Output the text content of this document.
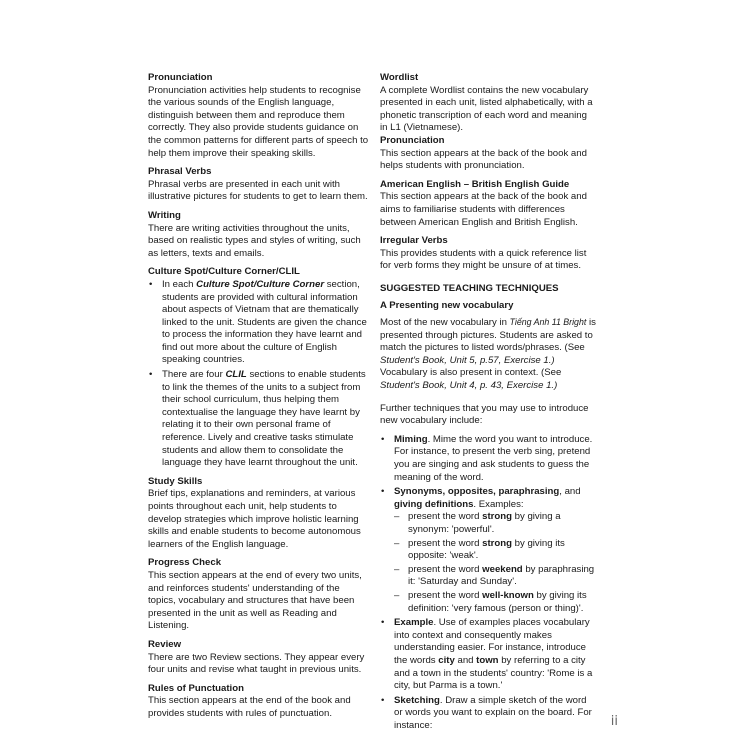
Pronunciation

Pronunciation activities help students to recognise the various sounds of the English language, distinguish between them and reproduce them correctly. They also provide students guidance on the common patterns for different parts of speech to help them improve their speaking skills.

Phrasal Verbs

Phrasal verbs are presented in each unit with illustrative pictures for students to get to learn them.

Writing

There are writing activities throughout the units, based on realistic types and styles of writing, such as letters, texts and emails.

Culture Spot/Culture Corner/CLIL
• In each Culture Spot/Culture Corner section, students are provided with cultural information about aspects of Vietnam that are thematically linked to the unit. Students are given the chance to process the information they have learnt and find out more about the culture of English speaking countries.
• There are four CLIL sections to enable students to link the themes of the units to a subject from their school curriculum, thus helping them contextualise the language they have learnt by relating it to their own personal frame of reference. Lively and creative tasks stimulate students and allow them to consolidate the language they have learnt throughout the unit.
Study Skills

Brief tips, explanations and reminders, at various points throughout each unit, help students to develop strategies which improve holistic learning skills and enable students to become autonomous learners of the English language.

Progress Check

This section appears at the end of every two units, and reinforces students' understanding of the topics, vocabulary and structures that have been presented in the unit as well as Reading and Listening.

Review

There are two Review sections. They appear every four units and revise what taught in previous units.

Rules of Punctuation

This section appears at the end of the book and provides students with rules of punctuation.

Wordlist

A complete Wordlist contains the new vocabulary presented in each unit, listed alphabetically, with a phonetic transcription of each word and meaning in L1 (Vietnamese).

Pronunciation

This section appears at the back of the book and helps students with pronunciation.

American English – British English Guide

This section appears at the back of the book and aims to familiarise students with differences between American English and British English.

Irregular Verbs

This provides students with a quick reference list for verb forms they might be unsure of at times.

SUGGESTED TEACHING TECHNIQUES
A Presenting new vocabulary

Most of the new vocabulary in Tiếng Anh 11 Bright is presented through pictures. Students are asked to match the pictures to listed words/phrases. (See Student's Book, Unit 5, p.57, Exercise 1.) Vocabulary is also present in context. (See Student's Book, Unit 4, p. 43, Exercise 1.)

Further techniques that you may use to introduce new vocabulary include:

• Miming. Mime the word you want to introduce. For instance, to present the verb sing, pretend you are singing and ask students to guess the meaning of the word.
• Synonyms, opposites, paraphrasing, and giving definitions. Examples:
– present the word strong by giving a synonym: 'powerful'.
– present the word strong by giving its opposite: 'weak'.
– present the word weekend by paraphrasing it: 'Saturday and Sunday'.
– present the word well-known by giving its definition: 'very famous (person or thing)'.
• Example. Use of examples places vocabulary into context and consequently makes understanding easier. For instance, introduce the words city and town by referring to a city and a town in the students' country: 'Rome is a city, but Parma is a town.'
• Sketching. Draw a simple sketch of the word or words you want to explain on the board. For instance:	ii
